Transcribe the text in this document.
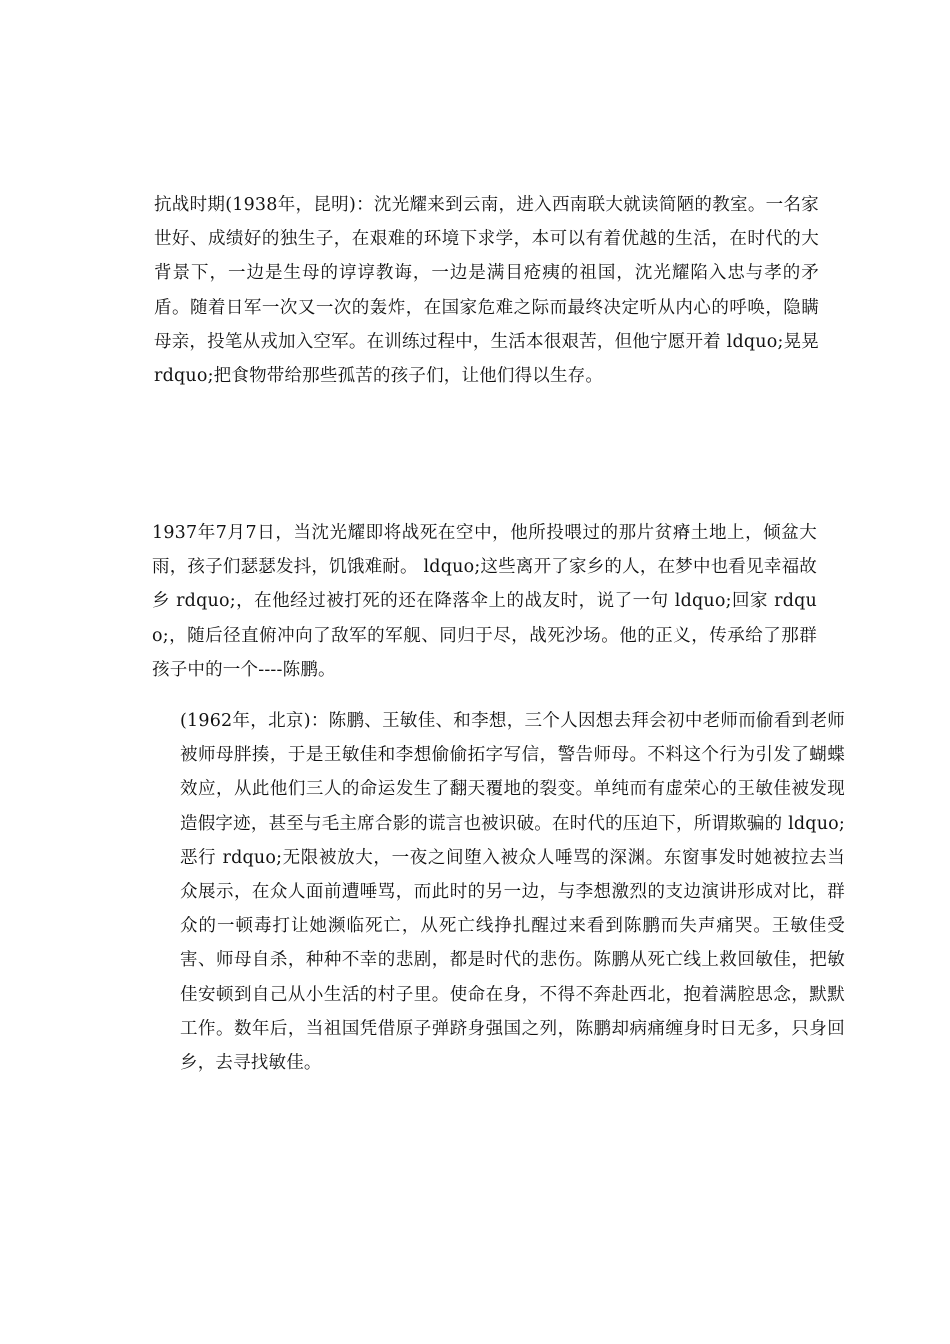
抗战时期(1938年，昆明)：沈光耀来到云南，进入西南联大就读简陋的教室。一名家世好、成绩好的独生子，在艰难的环境下求学，本可以有着优越的生活，在时代的大背景下，一边是生母的谆谆教诲，一边是满目疮痍的祖国，沈光耀陷入忠与孝的矛盾。随着日军一次又一次的轰炸，在国家危难之际而最终决定听从内心的呼唤，隐瞒母亲，投笔从戎加入空军。在训练过程中，生活本很艰苦，但他宁愿开着 ldquo;晃晃 rdquo;把食物带给那些孤苦的孩子们，让他们得以生存。

1937年7月7日，当沈光耀即将战死在空中，他所投喂过的那片贫瘠土地上，倾盆大雨，孩子们瑟瑟发抖，饥饿难耐。 ldquo;这些离开了家乡的人，在梦中也看见幸福故乡 rdquo;，在他经过被打死的还在降落伞上的战友时，说了一句 ldquo;回家 rdquo;，随后径直俯冲向了敌军的军舰、同归于尽，战死沙场。他的正义，传承给了那群孩子中的一个----陈鹏。

(1962年，北京)：陈鹏、王敏佳、和李想，三个人因想去拜会初中老师而偷看到老师被师母胖揍，于是王敏佳和李想偷偷拓字写信，警告师母。不料这个行为引发了蝴蝶效应，从此他们三人的命运发生了翻天覆地的裂变。单纯而有虚荣心的王敏佳被发现造假字迹，甚至与毛主席合影的谎言也被识破。在时代的压迫下，所谓欺骗的 ldquo;恶行 rdquo;无限被放大，一夜之间堕入被众人唾骂的深渊。东窗事发时她被拉去当众展示，在众人面前遭唾骂，而此时的另一边，与李想激烈的支边演讲形成对比，群众的一顿毒打让她濒临死亡，从死亡线挣扎醒过来看到陈鹏而失声痛哭。王敏佳受害、师母自杀，种种不幸的悲剧，都是时代的悲伤。陈鹏从死亡线上救回敏佳，把敏佳安顿到自己从小生活的村子里。使命在身，不得不奔赴西北，抱着满腔思念，默默工作。数年后，当祖国凭借原子弹跻身强国之列，陈鹏却病痛缠身时日无多，只身回乡，去寻找敏佳。
